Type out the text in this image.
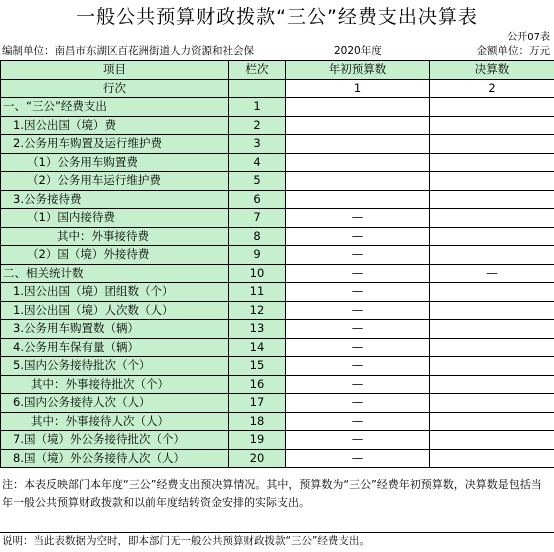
一般公共预算财政拨款“三公”经费支出决算表
公开07表
编制单位：南昌市东湖区百花洲街道人力资源和社会保	2020年度	金额单位：万元
项目	栏次	年初预算数	决算数
行次		1	2
一、“三公”经费支出	1		
1.因公出国（境）费	2		
2.公务用车购置及运行维护费	3		
（1）公务用车购置费	4		
（2）公务用车运行维护费	5		
3.公务接待费	6		
（1）国内接待费	7	—	
其中：外事接待费	8	—	
（2）国（境）外接待费	9	—	
二、相关统计数	10	—	—
1.因公出国（境）团组数（个）	11	—	
1.因公出国（境）人次数（人）	12	—	
3.公务用车购置数（辆）	13	—	
4.公务用车保有量（辆）	14	—	
5.国内公务接待批次（个）	15	—	
其中：外事接待批次（个）	16	—	
6.国内公务接待人次（人）	17	—	
其中：外事接待人次（人）	18	—	
7.国（境）外公务接待批次（个）	19	—	
8.国（境）外公务接待人次（人）	20	—	
注：本表反映部门本年度“三公”经费支出预决算情况。其中，预算数为“三公”经费年初预算数，决算数是包括当年一般公共预算财政拨款和以前年度结转资金安排的实际支出。
说明：当此表数据为空时，即本部门无一般公共预算财政拨款“三公”经费支出。
